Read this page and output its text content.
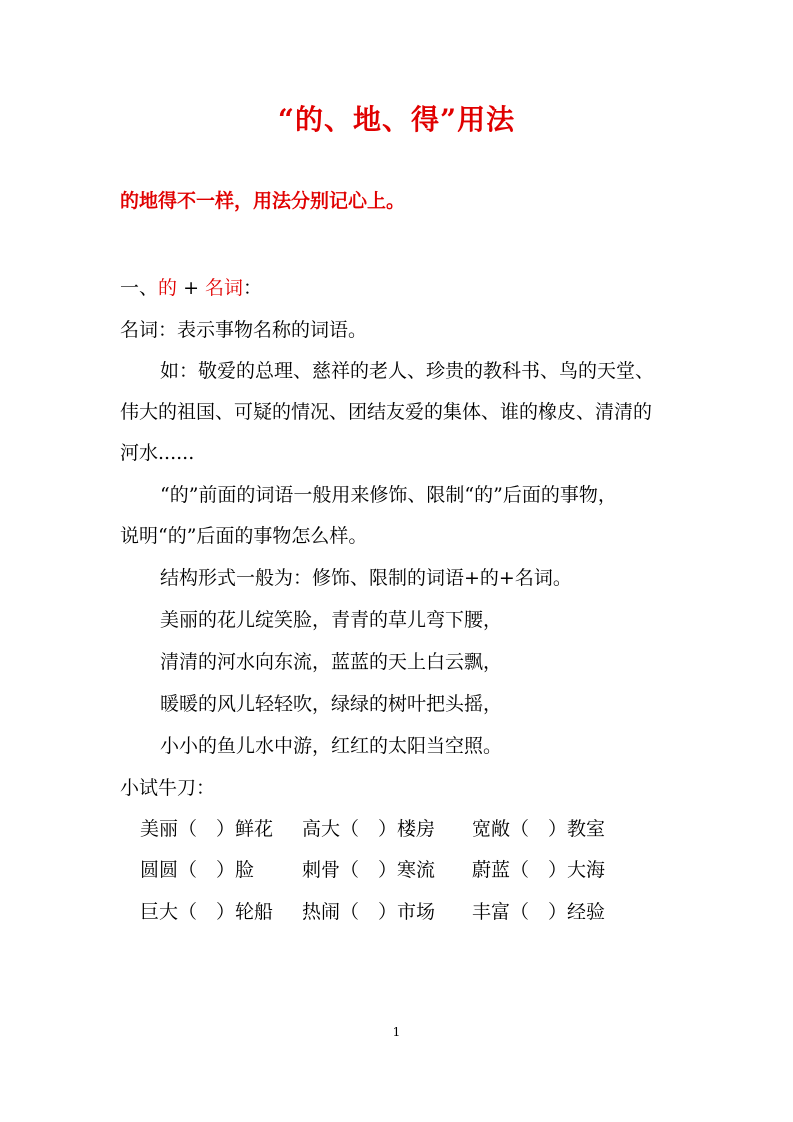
“的、地、得”用法
的地得不一样，用法分别记心上。
一、的 + 名词：
名词：表示事物名称的词语。
如：敬爱的总理、慈祥的老人、珍贵的教科书、鸟的天堂、
伟大的祖国、可疑的情况、团结友爱的集体、谁的橡皮、清清的
河水......
“的”前面的词语一般用来修饰、限制“的”后面的事物，
说明“的”后面的事物怎么样。
结构形式一般为：修饰、限制的词语+的+名词。
美丽的花儿绽笑脸，青青的草儿弯下腰，
清清的河水向东流，蓝蓝的天上白云飘，
暖暖的风儿轻轻吹，绿绿的树叶把头摇，
小小的鱼儿水中游，红红的太阳当空照。
小试牛刀：
美丽（　）鲜花 高大（　）楼房 宽敞（　）教室
圆圆（　）脸	刺骨（　）寒流 蔚蓝（　）大海
巨大（　）轮船 热闹（　）市场 丰富（　）经验
1
